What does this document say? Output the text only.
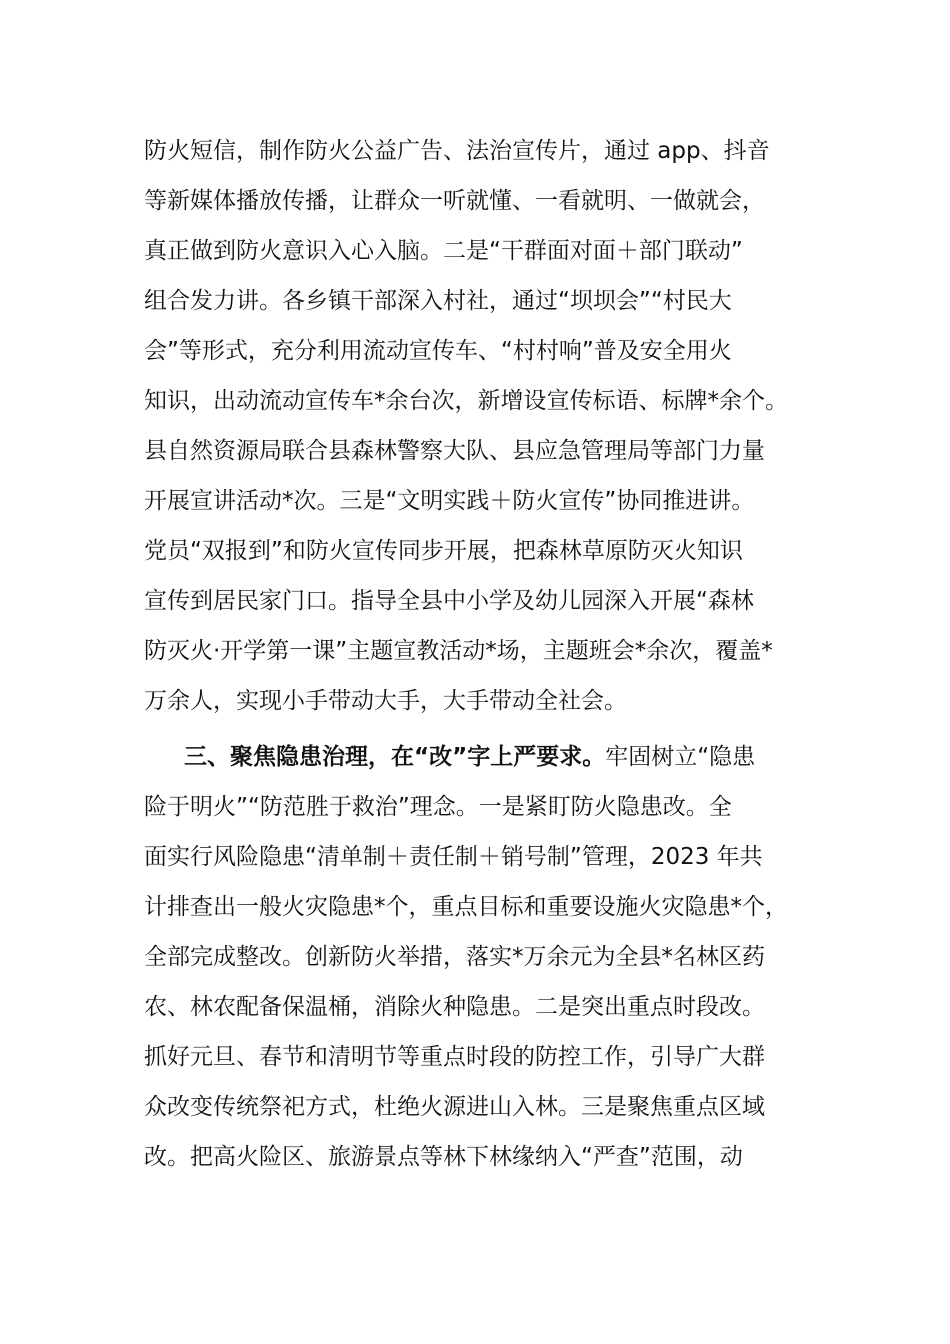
防火短信，制作防火公益广告、法治宣传片，通过 app、抖音
等新媒体播放传播，让群众一听就懂、一看就明、一做就会，
真正做到防火意识入心入脑。二是“干群面对面＋部门联动”
组合发力讲。各乡镇干部深入村社，通过“坝坝会”“村民大
会”等形式，充分利用流动宣传车、“村村响”普及安全用火
知识，出动流动宣传车*余台次，新增设宣传标语、标牌*余个。
县自然资源局联合县森林警察大队、县应急管理局等部门力量
开展宣讲活动*次。三是“文明实践＋防火宣传”协同推进讲。
党员“双报到”和防火宣传同步开展，把森林草原防灭火知识
宣传到居民家门口。指导全县中小学及幼儿园深入开展“森林
防灭火·开学第一课”主题宣教活动*场，主题班会*余次，覆盖*
万余人，实现小手带动大手，大手带动全社会。
三、聚焦隐患治理，在“改”字上严要求。牢固树立“隐患
险于明火”“防范胜于救治”理念。一是紧盯防火隐患改。全
面实行风险隐患“清单制＋责任制＋销号制”管理，2023 年共
计排查出一般火灾隐患*个，重点目标和重要设施火灾隐患*个，
全部完成整改。创新防火举措，落实*万余元为全县*名林区药
农、林农配备保温桶，消除火种隐患。二是突出重点时段改。
抓好元旦、春节和清明节等重点时段的防控工作，引导广大群
众改变传统祭祀方式，杜绝火源进山入林。三是聚焦重点区域
改。把高火险区、旅游景点等林下林缘纳入“严查”范围，动
